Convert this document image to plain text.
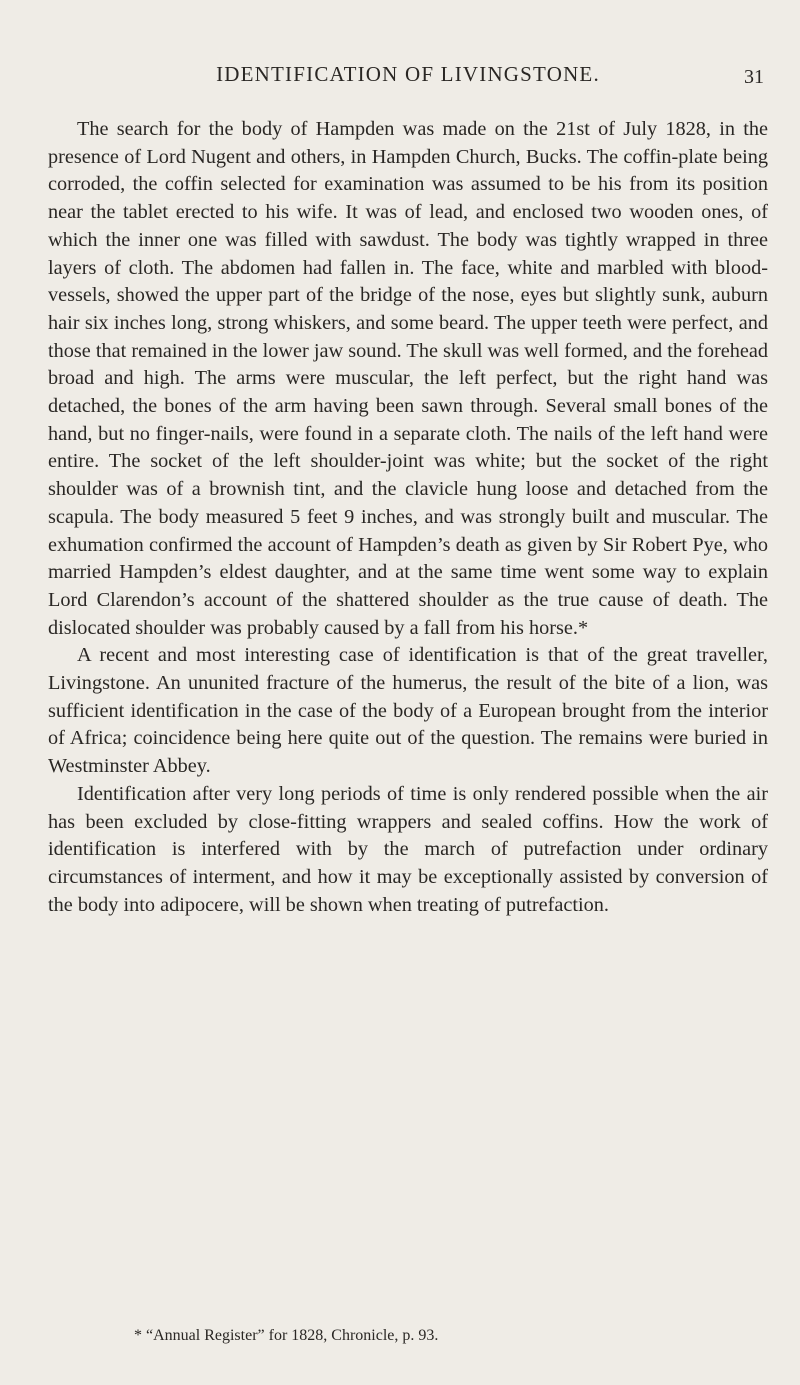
IDENTIFICATION OF LIVINGSTONE.	31

The search for the body of Hampden was made on the 21st of July 1828, in the presence of Lord Nugent and others, in Hampden Church, Bucks. The coffin-plate being corroded, the coffin selected for examination was assumed to be his from its position near the tablet erected to his wife. It was of lead, and enclosed two wooden ones, of which the inner one was filled with sawdust. The body was tightly wrapped in three layers of cloth. The abdomen had fallen in. The face, white and marbled with blood-vessels, showed the upper part of the bridge of the nose, eyes but slightly sunk, auburn hair six inches long, strong whiskers, and some beard. The upper teeth were perfect, and those that remained in the lower jaw sound. The skull was well formed, and the forehead broad and high. The arms were muscular, the left perfect, but the right hand was detached, the bones of the arm having been sawn through. Several small bones of the hand, but no finger-nails, were found in a separate cloth. The nails of the left hand were entire. The socket of the left shoulder-joint was white; but the socket of the right shoulder was of a brownish tint, and the clavicle hung loose and detached from the scapula. The body measured 5 feet 9 inches, and was strongly built and muscular. The exhumation confirmed the account of Hampden’s death as given by Sir Robert Pye, who married Hampden’s eldest daughter, and at the same time went some way to explain Lord Clarendon’s account of the shattered shoulder as the true cause of death. The dislocated shoulder was probably caused by a fall from his horse.*

A recent and most interesting case of identification is that of the great traveller, Livingstone. An ununited fracture of the humerus, the result of the bite of a lion, was sufficient identification in the case of the body of a European brought from the interior of Africa; coincidence being here quite out of the question. The remains were buried in Westminster Abbey.

Identification after very long periods of time is only rendered possible when the air has been excluded by close-fitting wrappers and sealed coffins. How the work of identification is interfered with by the march of putrefaction under ordinary circumstances of interment, and how it may be exceptionally assisted by conversion of the body into adipocere, will be shown when treating of putrefaction.

* “Annual Register” for 1828, Chronicle, p. 93.
